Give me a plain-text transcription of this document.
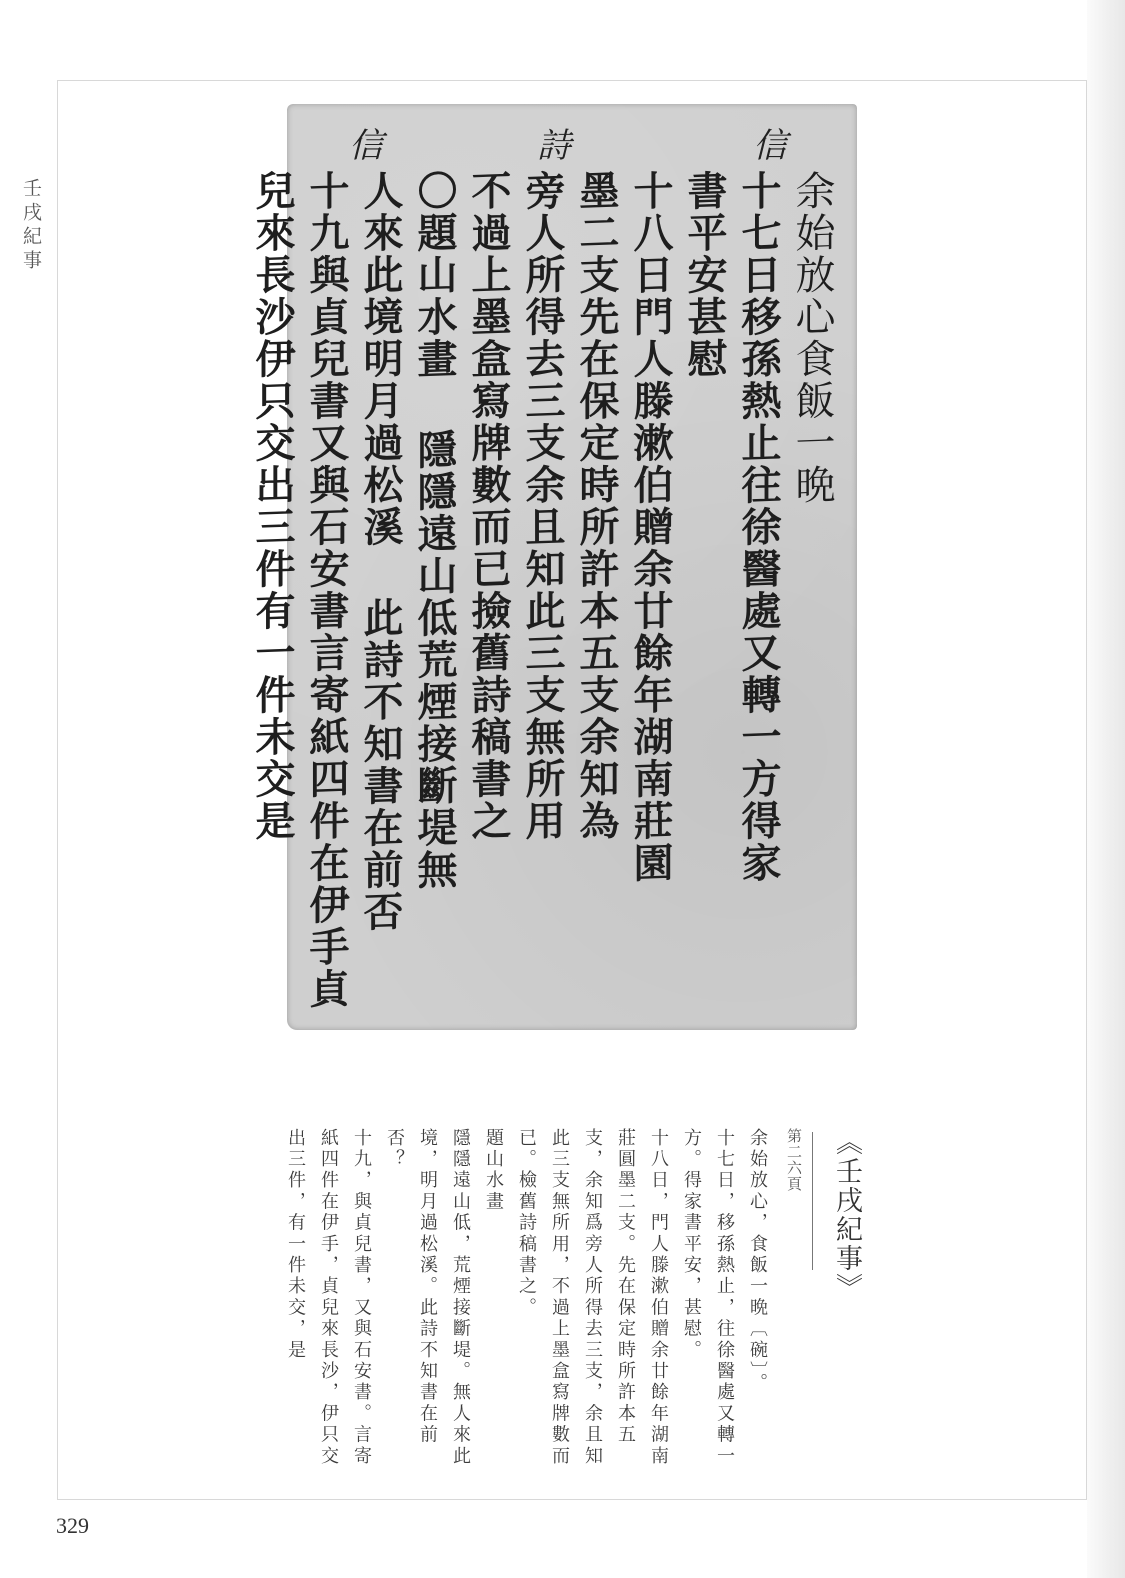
壬戌紀事
信
詩
信
余始放心食飯一晩
十七日移孫熱止往徐醫處又轉一方得家
書平安甚慰
十八日門人滕漱伯贈余廿餘年湖南莊園
墨二支先在保定時所許本五支余知為
旁人所得去三支余且知此三支無所用
不過上墨盒寫牌數而已撿舊詩稿書之
〇題山水畫 隱隱遠山低荒煙接斷堤無
人來此境明月過松溪 此詩不知書在前否
十九與貞兒書又與石安書言寄紙四件在伊手貞
兒來長沙伊只交出三件有一件未交是
《壬戌紀事》
第二六頁
余始放心，食飯一晩〔碗〕。
十七日，移孫熱止，往徐醫處又轉一
方。得家書平安，甚慰。
十八日，門人滕漱伯贈余廿餘年湖南
莊圓墨二支。先在保定時所許本五
支，余知爲旁人所得去三支，余且知
此三支無所用，不過上墨盒寫牌數而
已。檢舊詩稿書之。
題山水畫
隱隱遠山低，荒煙接斷堤。無人來此
境，明月過松溪。此詩不知書在前
否？
十九，與貞兒書，又與石安書。言寄
紙四件在伊手，貞兒來長沙，伊只交
出三件，有一件未交，是
329
